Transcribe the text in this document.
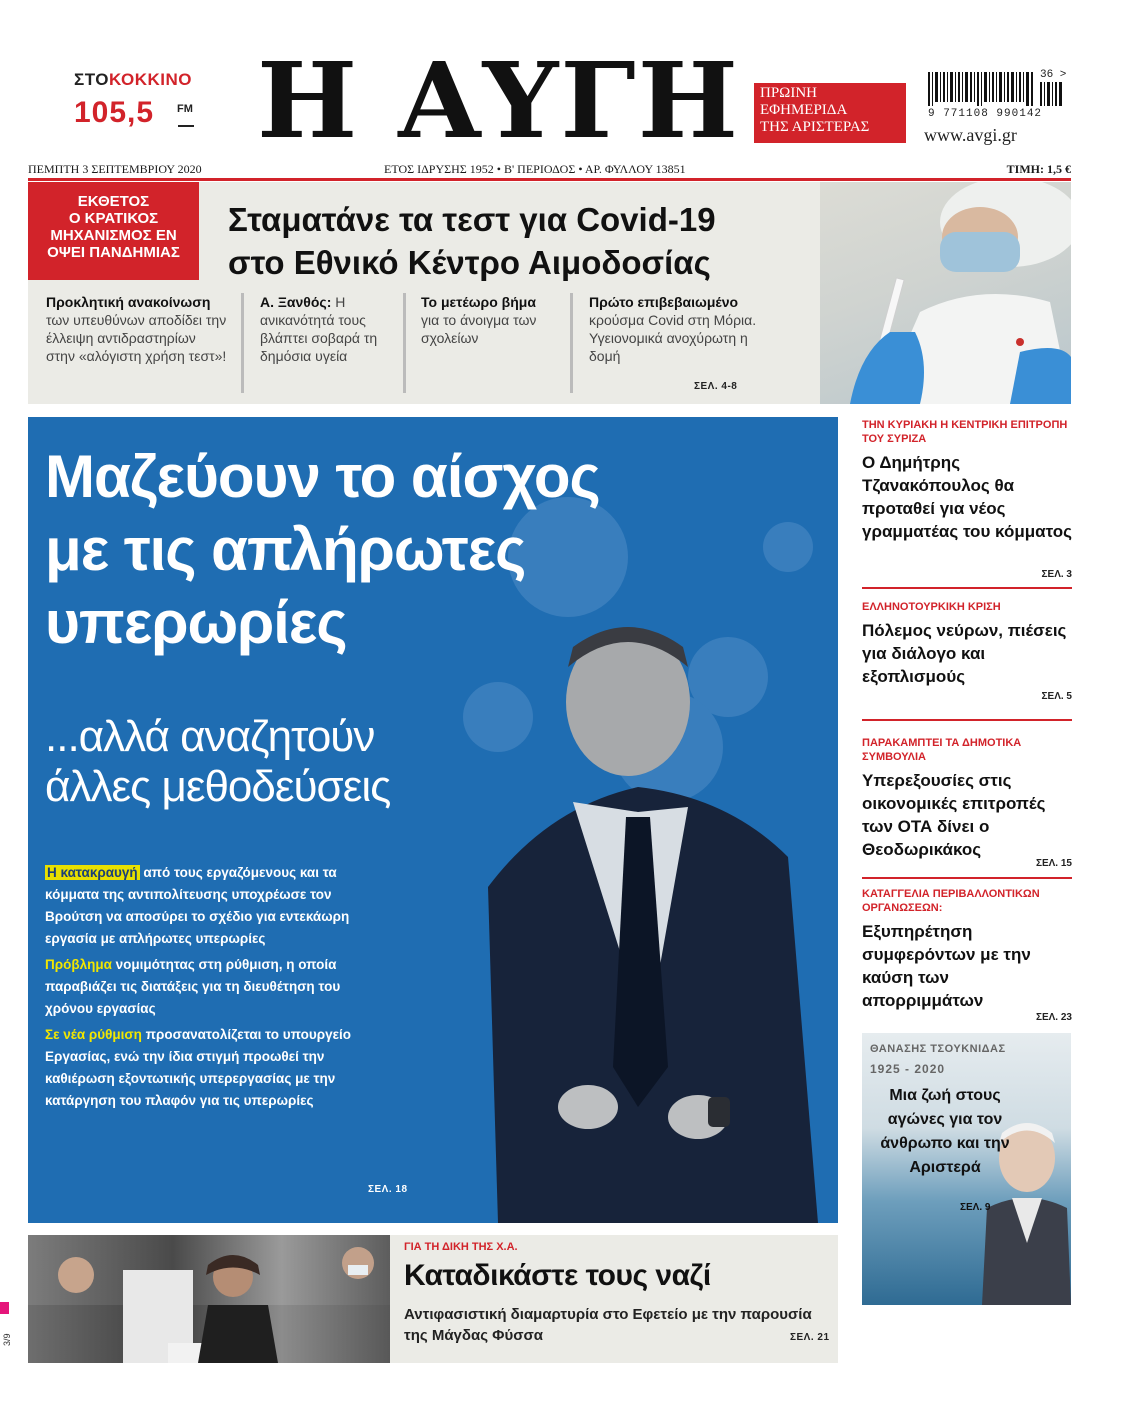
ΣΤΟΚΟΚΚΙΝΟ
105,5 FM Η ΑΥΓΗ	ΠΡΩΙΝΗ
ΕΦΗΜΕΡΙΔΑ
ΤΗΣ ΑΡΙΣΤΕΡΑΣ
36 >
9 771108 990142
www.avgi.gr
ΠΕΜΠΤΗ 3 ΣΕΠΤΕΜΒΡΙΟΥ 2020	ΕΤΟΣ ΙΔΡΥΣΗΣ 1952 • Β' ΠΕΡΙΟΔΟΣ • ΑΡ. ΦΥΛΛΟΥ 13851	ΤΙΜΗ: 1,5 €
ΕΚΘΕΤΟΣ
Ο ΚΡΑΤΙΚΟΣ
ΜΗΧΑΝΙΣΜΟΣ ΕΝ
ΟΨΕΙ ΠΑΝΔΗΜΙΑΣ
Σταματάνε τα τεστ για Covid-19
στο Εθνικό Κέντρο Αιμοδοσίας
Προκλητική ανακοίνωση
των υπευθύνων αποδίδει την έλλειψη αντιδραστηρίων στην «αλόγιστη χρήση τεστ»!
Α. Ξανθός: Η ανικανότητά τους βλάπτει σοβαρά τη δημόσια υγεία
Το μετέωρο βήμα
για το άνοιγμα των σχολείων
Πρώτο επιβεβαιωμένο
κρούσμα Covid στη Μόρια. Υγειονομικά ανοχύρωτη η δομή
ΣΕΛ. 4-8
Μαζεύουν το αίσχος
με τις απλήρωτες
υπερωρίες
...αλλά αναζητούν
άλλες μεθοδεύσεις

Η κατακραυγή από τους εργαζόμενους και τα κόμματα της αντιπολίτευσης υποχρέωσε τον Βρούτση να αποσύρει το σχέδιο για εντεκάωρη εργασία με απλήρωτες υπερωρίες

Πρόβλημα νομιμότητας στη ρύθμιση, η οποία παραβιάζει τις διατάξεις για τη διευθέτηση του χρόνου εργασίας

Σε νέα ρύθμιση προσανατολίζεται το υπουργείο Εργασίας, ενώ την ίδια στιγμή προωθεί την καθιέρωση εξοντωτικής υπερεργασίας με την κατάργηση του πλαφόν για τις υπερωρίες

ΣΕΛ. 18
ΤΗΝ ΚΥΡΙΑΚΗ Η ΚΕΝΤΡΙΚΗ ΕΠΙΤΡΟΠΗ ΤΟΥ ΣΥΡΙΖΑ
Ο Δημήτρης Τζανακόπουλος θα προταθεί για νέος γραμματέας του κόμματος
ΣΕΛ. 3
ΕΛΛΗΝΟΤΟΥΡΚΙΚΗ ΚΡΙΣΗ
Πόλεμος νεύρων, πιέσεις για διάλογο και εξοπλισμούς
ΣΕΛ. 5
ΠΑΡΑΚΑΜΠΤΕΙ ΤΑ ΔΗΜΟΤΙΚΑ ΣΥΜΒΟΥΛΙΑ
Υπερεξουσίες στις οικονομικές επιτροπές των ΟΤΑ δίνει ο Θεοδωρικάκος
ΣΕΛ. 15
ΚΑΤΑΓΓΕΛΙΑ ΠΕΡΙΒΑΛΛΟΝΤΙΚΩΝ ΟΡΓΑΝΩΣΕΩΝ:
Εξυπηρέτηση συμφερόντων με την καύση των απορριμμάτων
ΣΕΛ. 23
ΘΑΝΑΣΗΣ ΤΣΟΥΚΝΙΔΑΣ
1925 - 2020
Μια ζωή στους αγώνες για τον άνθρωπο και την Αριστερά
ΣΕΛ. 9
ΓΙΑ ΤΗ ΔΙΚΗ ΤΗΣ Χ.Α.
Καταδικάστε τους ναζί
Αντιφασιστική διαμαρτυρία στο Εφετείο με την παρουσία της Μάγδας Φύσσα	ΣΕΛ. 21
3/9
